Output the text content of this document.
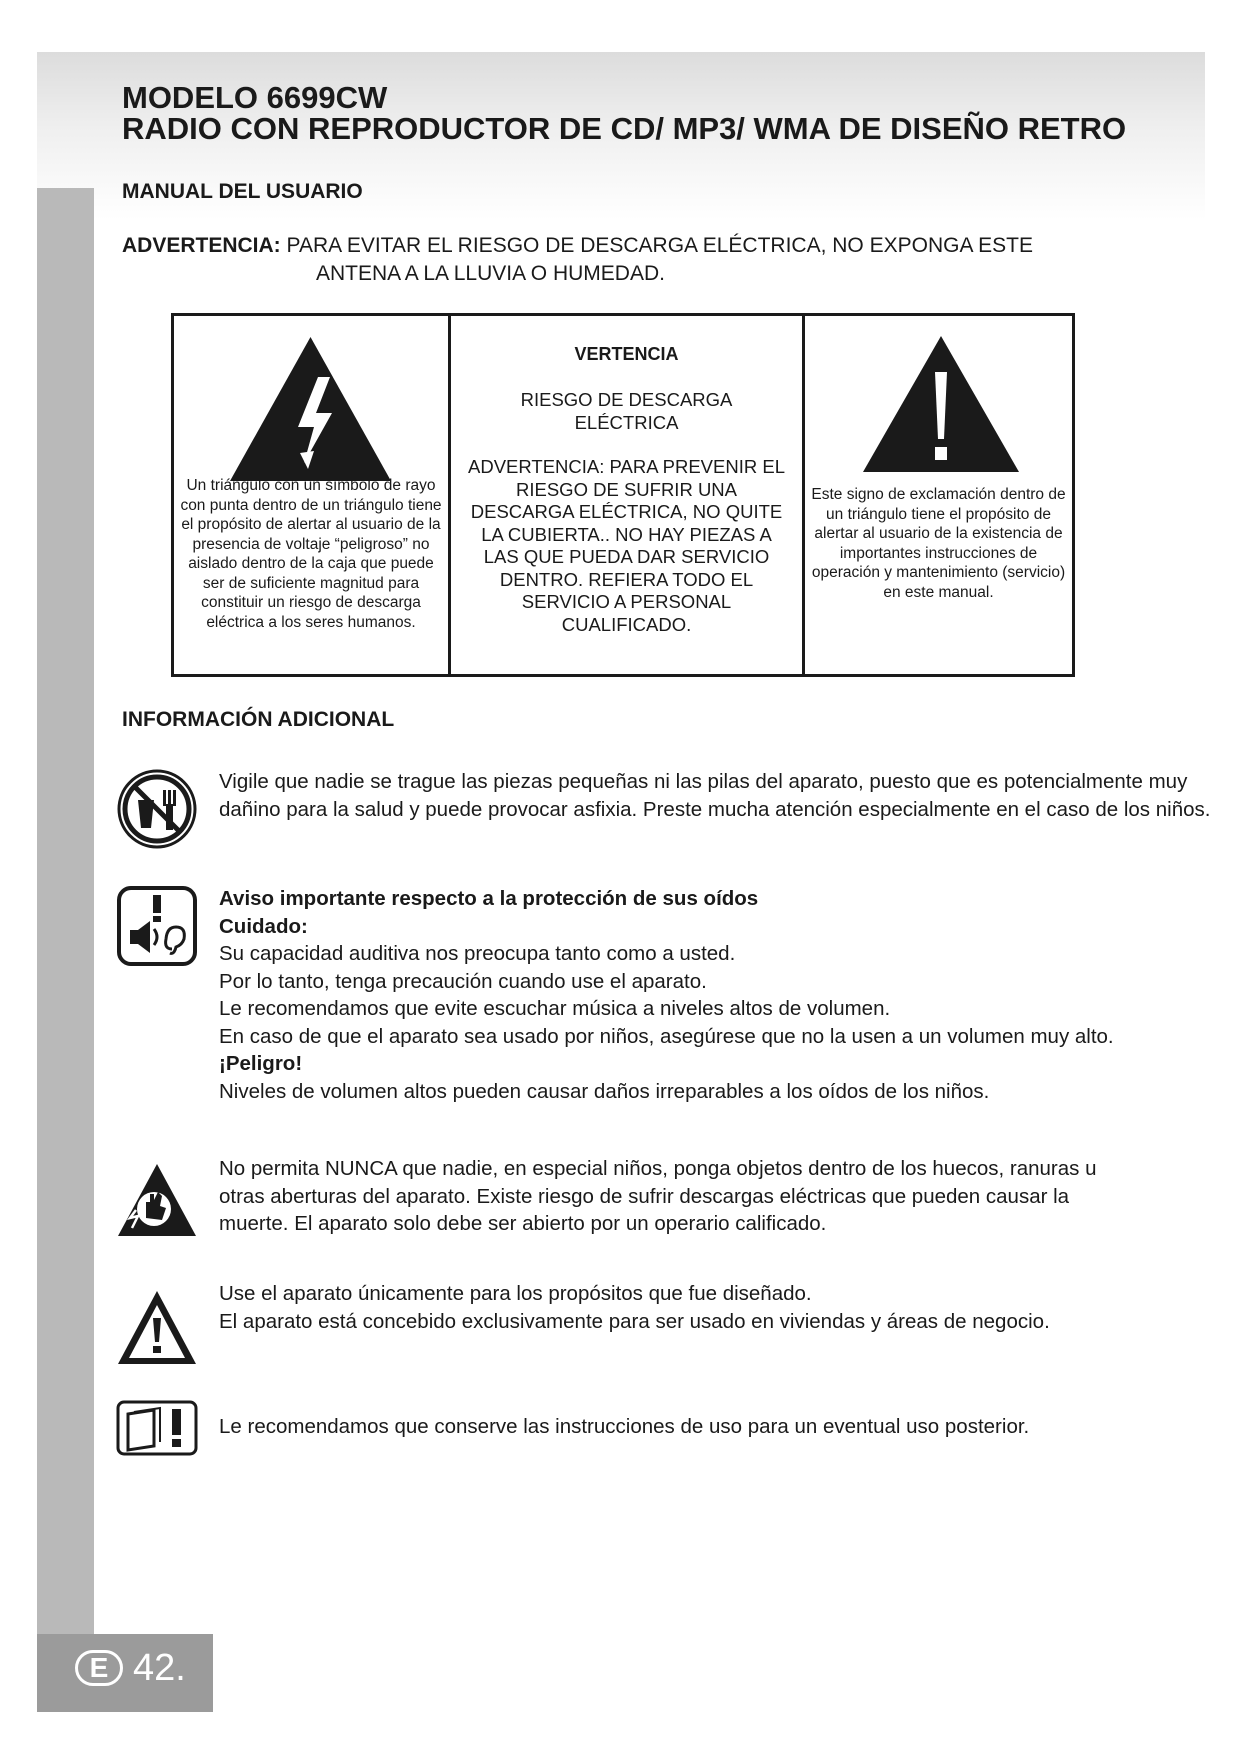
MODELO 6699CW
RADIO CON REPRODUCTOR DE CD/ MP3/ WMA DE DISEÑO RETRO
MANUAL DEL USUARIO
ADVERTENCIA: PARA EVITAR EL RIESGO DE DESCARGA ELÉCTRICA, NO EXPONGA ESTE
ANTENA A LA LLUVIA O HUMEDAD.
Un triángulo con un símbolo de rayo con punta dentro de un triángulo tiene el propósito de alertar al usuario de la presencia de voltaje “peligroso” no aislado dentro de la caja que puede ser de suficiente magnitud para constituir un riesgo de descarga eléctrica a los seres humanos.
VERTENCIA
RIESGO DE DESCARGA ELÉCTRICA
ADVERTENCIA: PARA PREVENIR EL RIESGO DE SUFRIR UNA DESCARGA ELÉCTRICA, NO QUITE LA CUBIERTA.. NO HAY PIEZAS A LAS QUE PUEDA DAR SERVICIO DENTRO. REFIERA TODO EL SERVICIO A PERSONAL CUALIFICADO.
Este signo de exclamación dentro de un triángulo tiene el propósito de alertar al usuario de la existencia de importantes instrucciones de operación y mantenimiento (servicio) en este manual.
INFORMACIÓN ADICIONAL
Vigile que nadie se trague las piezas pequeñas ni las pilas del aparato, puesto que es potencialmente muy dañino para la salud y puede provocar asfixia. Preste mucha atención especialmente en el caso de los niños.

Aviso importante respecto a la protección de sus oídos

Cuidado:

Su capacidad auditiva nos preocupa tanto como a usted.

Por lo tanto, tenga precaución cuando use el aparato.

Le recomendamos que evite escuchar música a niveles altos de volumen.

En caso de que el aparato sea usado por niños, asegúrese que no la usen a un volumen muy alto.

¡Peligro!

Niveles de volumen altos pueden causar daños irreparables a los oídos de los niños.

No permita NUNCA que nadie, en especial niños, ponga objetos dentro de los huecos, ranuras u otras aberturas del aparato. Existe riesgo de sufrir descargas eléctricas que pueden causar la muerte. El aparato solo debe ser abierto por un operario calificado.

Use el aparato únicamente para los propósitos que fue diseñado.

El aparato está concebido exclusivamente para ser usado en viviendas y áreas de negocio.

Le recomendamos que conserve las instrucciones de uso para un eventual uso posterior.
E 42.
